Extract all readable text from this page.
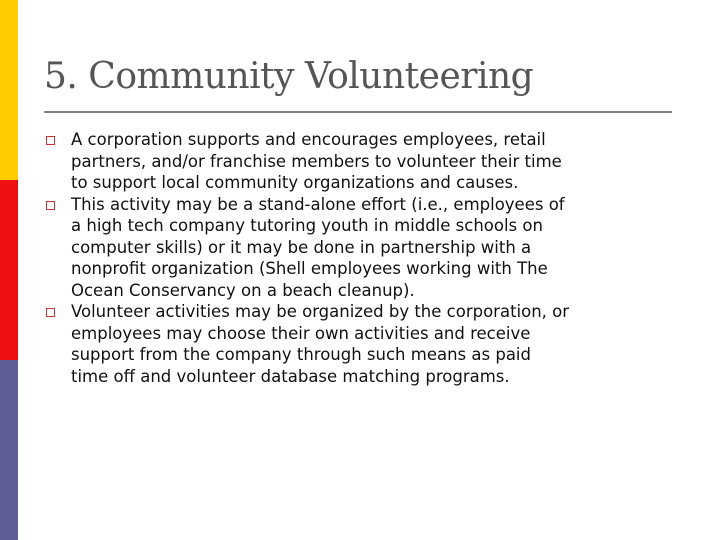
5. Community Volunteering
A corporation supports and encourages employees, retail
partners, and/or franchise members to volunteer their time
to support local community organizations and causes.
This activity may be a stand-alone effort (i.e., employees of
a high tech company tutoring youth in middle schools on
computer skills) or it may be done in partnership with a
nonprofit organization (Shell employees working with The
Ocean Conservancy on a beach cleanup).
Volunteer activities may be organized by the corporation, or
employees may choose their own activities and receive
support from the company through such means as paid
time off and volunteer database matching programs.
